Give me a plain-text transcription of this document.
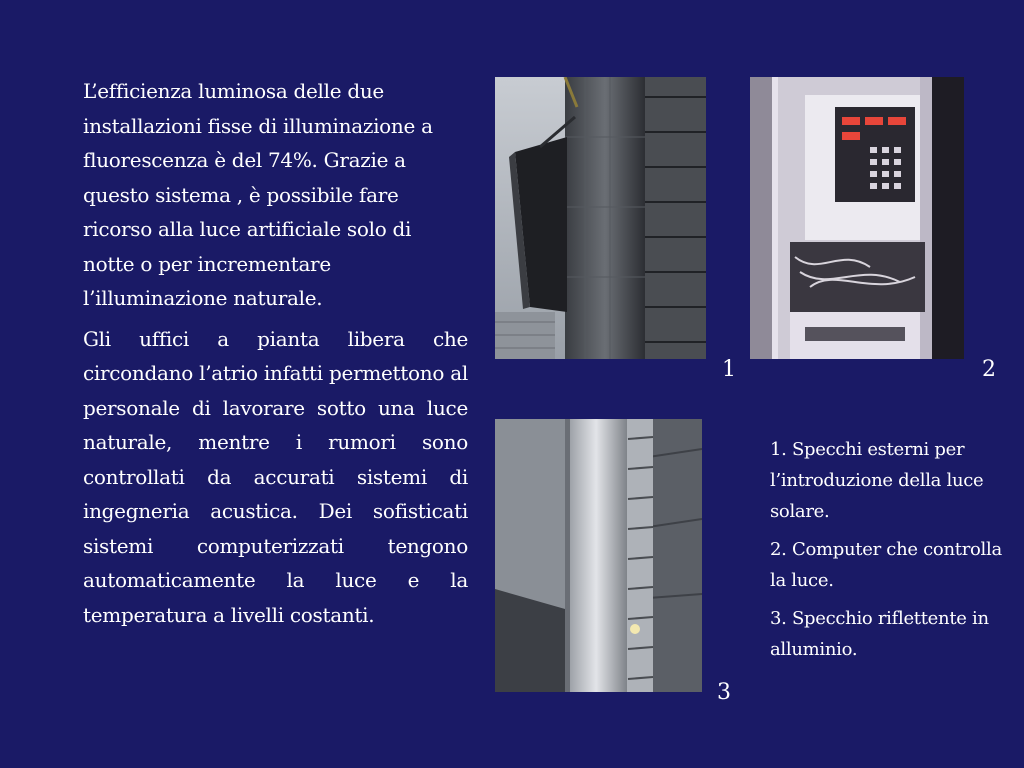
L’efficienza luminosa delle due installazioni fisse di illuminazione a fluorescenza è del 74%. Grazie a questo sistema , è possibile fare ricorso alla luce artificiale solo di notte o per incrementare l’illuminazione naturale.

Gli uffici a pianta libera che circondano l’atrio infatti permettono al personale di lavorare sotto una luce naturale, mentre i rumori sono controllati da accurati sistemi di ingegneria acustica. Dei sofisticati sistemi computerizzati tengono automaticamente la luce e la temperatura a livelli costanti.

1	2
3

1. Specchi esterni per l’introduzione della luce solare.

2. Computer che controlla la luce.

3. Specchio riflettente in alluminio.
